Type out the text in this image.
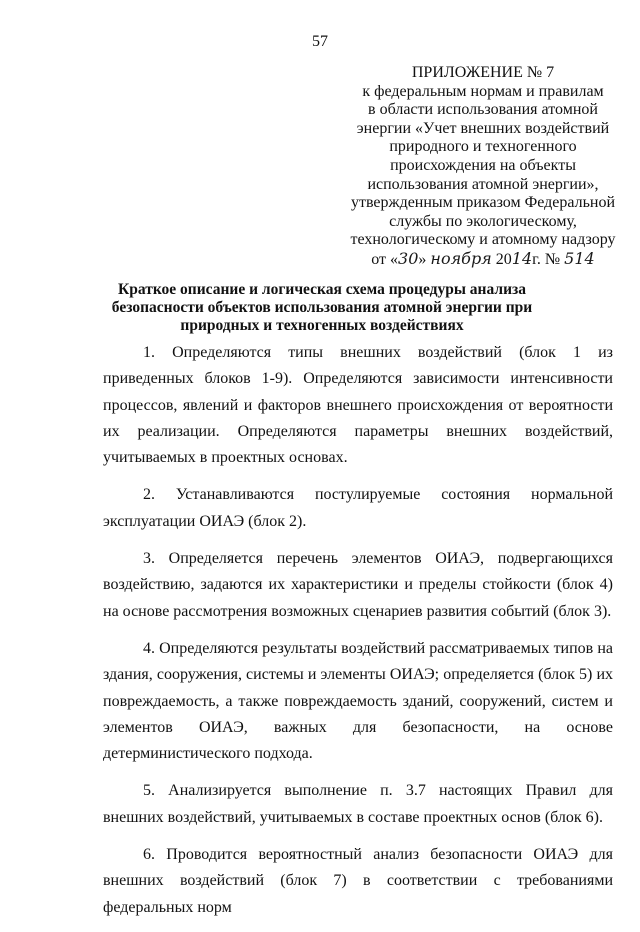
57
ПРИЛОЖЕНИЕ № 7
к федеральным нормам и правилам
в области использования атомной
энергии «Учет внешних воздействий
природного и техногенного
происхождения на объекты
использования атомной энергии»,
утвержденным приказом Федеральной
службы по экологическому,
технологическому и атомному надзору
от «30» ноября 2014г. № 514
Краткое описание и логическая схема процедуры анализа безопасности объектов использования атомной энергии при природных и техногенных воздействиях

1. Определяются типы внешних воздействий (блок 1 из приведенных блоков 1-9). Определяются зависимости интенсивности процессов, явлений и факторов внешнего происхождения от вероятности их реализации. Определяются параметры внешних воздействий, учитываемых в проектных основах.

2. Устанавливаются постулируемые состояния нормальной эксплуатации ОИАЭ (блок 2).

3. Определяется перечень элементов ОИАЭ, подвергающихся воздействию, задаются их характеристики и пределы стойкости (блок 4) на основе рассмотрения возможных сценариев развития событий (блок 3).

4. Определяются результаты воздействий рассматриваемых типов на здания, сооружения, системы и элементы ОИАЭ; определяется (блок 5) их повреждаемость, а также повреждаемость зданий, сооружений, систем и элементов ОИАЭ, важных для безопасности, на основе детерминистического подхода.

5. Анализируется выполнение п. 3.7 настоящих Правил для внешних воздействий, учитываемых в составе проектных основ (блок 6).

6. Проводится вероятностный анализ безопасности ОИАЭ для внешних воздействий (блок 7) в соответствии с требованиями федеральных норм
